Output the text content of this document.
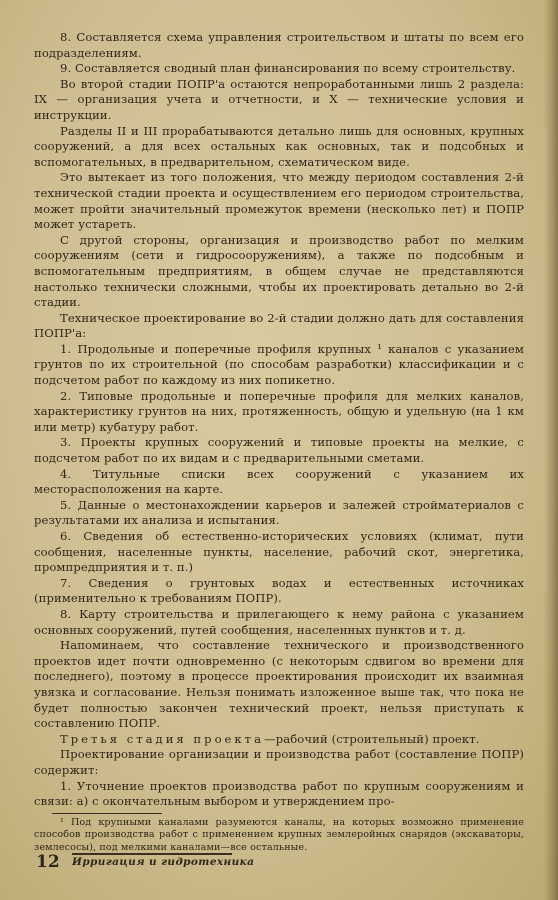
8. Составляется схема управления строительством и штаты по всем его подразделениям.

9. Составляется сводный план финансирования по всему строительству.

Во второй стадии ПОПР'а остаются непроработанными лишь 2 раздела: IX — организация учета и отчетности, и X — технические условия и инструкции.

Разделы II и III прорабатываются детально лишь для основных, крупных сооружений, а для всех остальных как основных, так и подсобных и вспомогательных, в предварительном, схематическом виде.

Это вытекает из того положения, что между периодом составления 2-й технической стадии проекта и осуществлением его периодом строительства, может пройти значительный промежуток времени (несколько лет) и ПОПР может устареть.

С другой стороны, организация и производство работ по мелким сооружениям (сети и гидросооружениям), а также по подсобным и вспомогательным предприятиям, в общем случае не представляются настолько технически сложными, чтобы их проектировать детально во 2-й стадии.

Техническое проектирование во 2-й стадии должно дать для составления ПОПР'а:

1. Продольные и поперечные профиля крупных ¹ каналов с указанием грунтов по их строительной (по способам разработки) классификации и с подсчетом работ по каждому из них попикетно.

2. Типовые продольные и поперечные профиля для мелких каналов, характеристику грунтов на них, протяженность, общую и удельную (на 1 км или метр) кубатуру работ.

3. Проекты крупных сооружений и типовые проекты на мелкие, с подсчетом работ по их видам и с предварительными сметами.

4. Титульные списки всех сооружений с указанием их месторасположения на карте.

5. Данные о местонахождении карьеров и залежей стройматериалов с результатами их анализа и испытания.

6. Сведения об естественно-исторических условиях (климат, пути сообщения, населенные пункты, население, рабочий скот, энергетика, промпредприятия и т. п.)

7. Сведения о грунтовых водах и естественных источниках (применительно к требованиям ПОПР).

8. Карту строительства и прилегающего к нему района с указанием основных сооружений, путей сообщения, населенных пунктов и т. д.

Напоминаем, что составление технического и производственного проектов идет почти одновременно (с некоторым сдвигом во времени для последнего), поэтому в процессе проектирования происходит их взаимная увязка и согласование. Нельзя понимать изложенное выше так, что пока не будет полностью закончен технический проект, нельзя приступать к составлению ПОПР.

Третья стадия проекта—рабочий (строительный) проект.

Проектирование организации и производства работ (составление ПОПР) содержит:

1. Уточнение проектов производства работ по крупным сооружениям и связи: а) с окончательным выбором и утверждением про-

¹ Под крупными каналами разумеются каналы, на которых возможно применение способов производства работ с применением крупных землеройных снарядов (экскаваторы, землесосы), под мелкими каналами—все остальные.

12 Ирригация и гидротехника
